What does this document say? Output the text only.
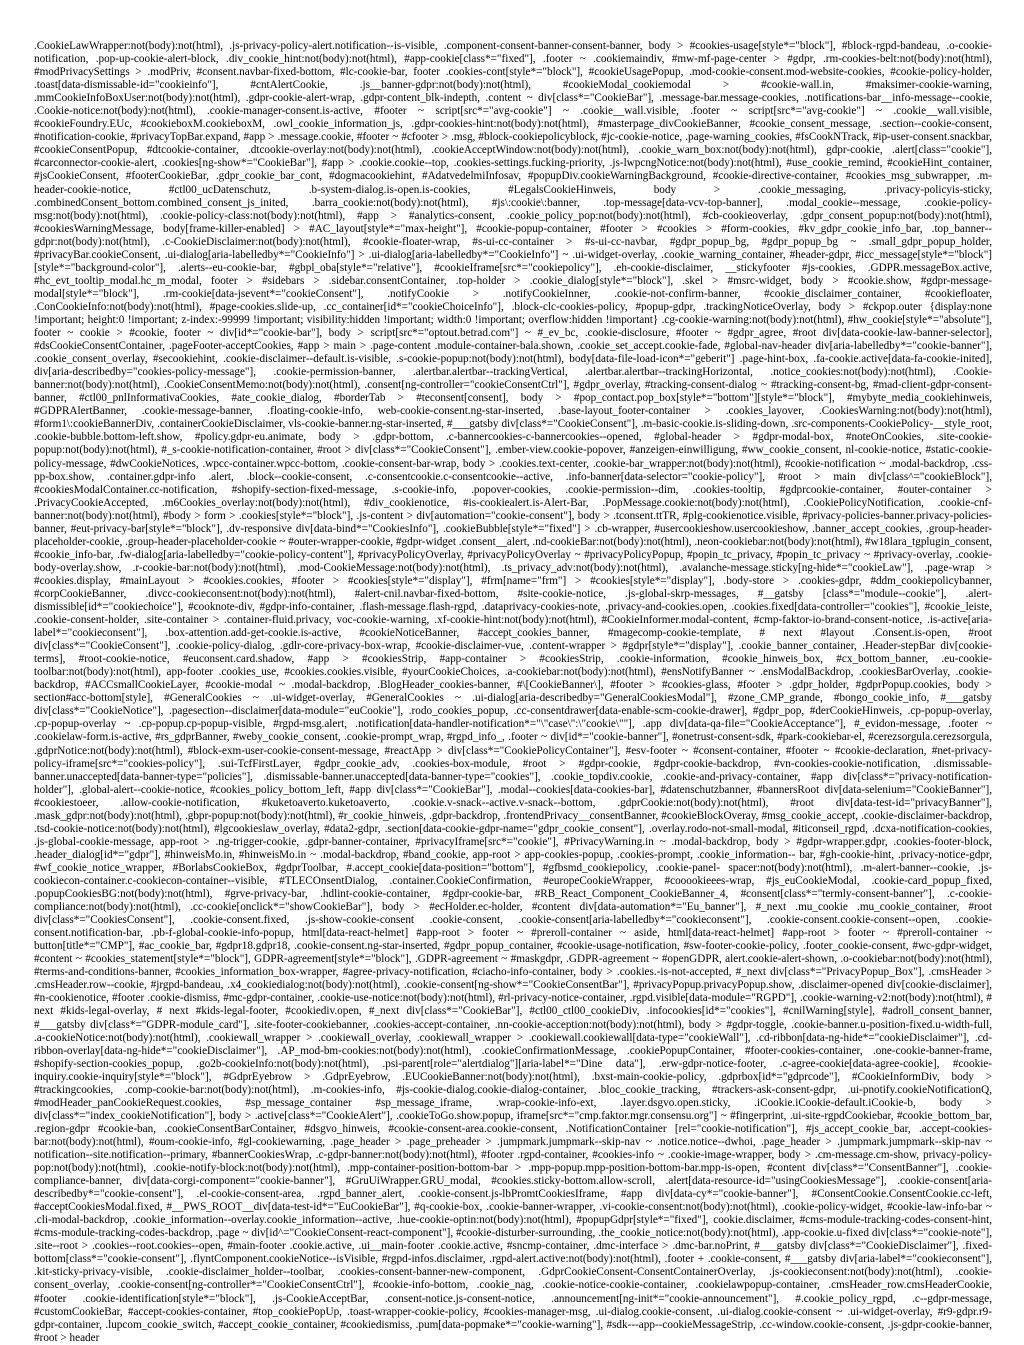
.CookieLawWrapper:not(body):not(html), .js-privacy-policy-alert.notification--is-visible, .component-consent-banner-consent-banner, body > #cookies-usage[style*="block"], #block-rgpd-bandeau, .o-cookie-notification, .pop-up-cookie-alert-block, .div_cookie_hint:not(body):not(html), #app-cookie[class*="fixed"], .footer ~ .cookiemaindiv, #mw-mf-page-center > #gdpr, .rm-cookies-belt:not(body):not(html), #modPrivacySettings > .modPriv, #consent.navbar-fixed-bottom, #lc-cookie-bar, footer .cookies-cont[style*="block"], #cookieUsagePopup, .mod-cookie-consent.mod-website-cookies, #cookie-policy-holder, .toast[data-dismissable-id="cookieinfo"], #cntAlertCookie, .js__banner-gdpr:not(body):not(html), #cookieModal_cookiemodal > #cookie-wall.in, #maksimer-cookie-warning, .mmCookieInfoBoxUser:not(body):not(html), .gdpr-cookie-alert-wrap, .gdpr-content_blk-indepth, .content ~ div[class*="CookieBar"], .message-bar.message-cookies, .notifications-bar__info-message--cookie, .Cookie-notice:not(body):not(html), .cookie-manager-consent.is-active, #footer ~ script[src*="avg-cookie"] ~ .cookie__wall.visible, .footer ~ script[src*="avg-cookie"] ~ .cookie__wall.visible, #cookieFoundry.EUc, #cookieboxM.cookieboxM, .owl_cookie_information_js, .gdpr-cookies-hint:not(body):not(html), #masterpage_divCookieBanner, #cookie_consent_message, .section--cookie-consent, #notification-cookie, #privacyTopBar.expand, #app > .message.cookie, #footer ~ #cfooter > .msg, #block-cookiepolicyblock, #jc-cookie-notice, .page-warning_cookies, #fsCookNTrack, #ip-user-consent.snackbar, #cookieConsentPopup, #dtcookie-container, .dtcookie-overlay:not(body):not(html), .cookieAcceptWindow:not(body):not(html), .cookie_warn_box:not(body):not(html), gdpr-cookie, .alert[class="cookie"], #carconnector-cookie-alert, .cookies[ng-show*="CookieBar"], #app > .cookie.cookie--top, .cookies-settings.fucking-priority, .js-lwpcngNotice:not(body):not(html), #use_cookie_remind, #cookieHint_container, #jsCookieConsent, #footerCookieBar, .gdpr_cookie_bar_cont, #dogmacookiehint, #AdatvedelmiInfosav, #popupDiv.cookieWarningBackground, #cookie-directive-container, #cookies_msg_subwrapper, .m- header-cookie-notice, #ctl00_ucDatenschutz, .b-system-dialog.is-open.is-cookies, #LegalsCookieHinweis, body > .cookie_messaging, .privacy-policyis-sticky, .combinedConsent_bottom.combined_consent_js_inited, .barra_cookie:not(body):not(html), #js\:cookie\:banner, .top-message[data-vcv-top-banner], .modal_cookie--message, .cookie-policy-msg:not(body):not(html), .cookie-policy-class:not(body):not(html), #app > #analytics-consent, .cookie_policy_pop:not(body):not(html), #cb-cookieoverlay, .gdpr_consent_popup:not(body):not(html), #cookiesWarningMessage, body[frame-killer-enabled] > #AC_layout[style*="max-height"], #cookie-popup-container, #footer > #cookies > #form-cookies, #kv_gdpr_cookie_info_bar, .top_banner--gdpr:not(body):not(html), .c-CookieDisclaimer:not(body):not(html), #cookie-floater-wrap, #s-ui-cc-container > #s-ui-cc-navbar, #gdpr_popup_bg, #gdpr_popup_bg ~ .small_gdpr_popup_holder, #privacyBar.cookieConsent, .ui-dialog[aria-labelledby*="CookieInfo"] > .ui-dialog[aria-labelledby*="CookieInfo"] ~ .ui-widget-overlay, .cookie_warning_container, #header-gdpr, #icc_message[style*="block"][style*="background-color"], .alerts--eu-cookie-bar, #gbpl_oba[style*="relative"], #cookieIframe[src*="cookiepolicy"], .eh-cookie-disclaimer, __stickyfooter #js-cookies, .GDPR.messageBox.active, #hc_evt_tooltip_modal.hc_m_modal, footer > #sidebars > .sidebar.consentContainer, .top-holder > .cookie_dialog[style*="block"], .skel > #msrc-widget, body > #cookie.show, #gdpr-message-modal[style*="block"], .rm-cookie[data-jsevent*="cookieConsent"], .notifyCookie > .notifyCookieInner, .cookie-not-confirm-banner, #cookie_disclaimer_container, #cookiefloater, .ConCookieInfo:not(body):not(html), #page-cookies.slide-up, .cc_container[id*="cookieChoiceInfo"], .block-clc-cookies-policy, #popup-gdpr, .trackingNoticeOverlay, body > #ckpop.outer {display:none !important; height:0 !important; z-index:-99999 !important; visibility:hidden !important; width:0 !important; overflow:hidden !important} .cg-cookie-warning:not(body):not(html), #hw_cookie[style*="absolute"], footer ~ cookie > #cookie, footer ~ div[id*="cookie-bar"], body > script[src*="optout.betrad.com"] ~ #_ev_bc, .cookie-disclosure, #footer ~ #gdpr_agree, #root div[data-cookie-law-banner-selector], #dsCookieConsentContainer, .pageFooter-acceptCookies, #app > main > .page-content .module-container-bala.shown, .cookie_set_accept.cookie-fade, #global-nav-header div[aria-labelledby*="cookie-banner"], .cookie_consent_overlay, #secookiehint, .cookie-disclaimer--default.is-visible, .s-cookie-popup:not(body):not(html), body[data-file-load-icon*="geberit"] .page-hint-box, .fa-cookie.active[data-fa-cookie-inited], div[aria-describedby="cookies-policy-message"], .cookie-permission-banner, .alertbar.alertbar--trackingVertical, .alertbar.alertbar--trackingHorizontal, .notice_cookies:not(body):not(html), .Cookie-banner:not(body):not(html), .CookieConsentMemo:not(body):not(html), .consent[ng-controller="cookieConsentCtrl"], #gdpr_overlay, #tracking-consent-dialog ~ #tracking-consent-bg, #mad-client-gdpr-consent-banner, #ctl00_pnlInformativaCookies, #ate_cookie_dialog, #borderTab > #teconsent[consent], body > #pop_contact.pop_box[style*="bottom"][style*="block"], #mybyte_media_cookiehinweis, #GDPRAlertBanner, .cookie-message-banner, .floating-cookie-info, web-cookie-consent.ng-star-inserted, .base-layout_footer-container > .cookies_layover, .CookiesWarning:not(body):not(html), #form1\:cookieBannerDiv, .containerCookieDisclaimer, vls-cookie-banner.ng-star-inserted, #___gatsby div[class*="CookieConsent"], .m-basic-cookie.is-sliding-down, .src-components-CookiePolicy-__style_root, .cookie-bubble.bottom-left.show, #policy.gdpr-eu.animate, body > .gdpr-bottom, .c-bannercookies-c-bannercookies--opened, #global-header > #gdpr-modal-box, #noteOnCookies, .site-cookie-popup:not(body):not(html), #_s-cookie-notification-container, #root > div[class*="CookieConsent"], .ember-view.cookie-popover, #anzeigen-einwilligung, #ww_cookie_consent, nl-cookie-notice, #static-cookie-policy-message, #dwCookieNotices, .wpcc-container.wpcc-bottom, .cookie-consent-bar-wrap, body > .cookies.text-center, .cookie-bar_wrapper:not(body):not(html), #cookie-notification ~ .modal-backdrop, .css- pp-box.show, .container.gdpr-info .alert, .block--cookie-consent, .c-consentcookie.c-consentcookie--active, .info-banner[data-selector="cookie-policy"], #root > main div[class^="cookieBlock"], #cookiesModalContainer.cc-notification, #shopify-section-fixed-message, .s-cookie-info, .popover-cookies, .cookie-permission--dim, .cookies-tooltip, #gdprcookie-container, #outer-container > .PrivacyCookieAccepted, .m6Cookies_overlay:not(body):not(html), #div_cookienotice, #is-cookiealert.is-Alert-Bar, .PopMessage.cookie:not(body):not(html), .CookiePolicyNotification, .cookie-cnf-banner:not(body):not(html), #body > form > .cookies[style*="block"], .js-content > div[automation="cookie-consent"], body > .tconsent.ttTR, #plg-cookienotice.visible, #privacy-policies-banner.privacy-policies-banner, #eut-privacy-bar[style*="block"], .dv-responsive div[data-bind*="CookiesInfo"], .cookieBubble[style*="fixed"] > .cb-wrapper, #usercookieshow.usercookieshow, .banner_accept_cookies, .group-header-placeholder-cookie, .group-header-placeholder-cookie ~ #outer-wrapper-cookie, #gdpr-widget .consent__alert, .nd-cookieBar:not(body):not(html), .neon-cookiebar:not(body):not(html), #w18lara_tgplugin_consent, #cookie_info-bar, .fw-dialog[aria-labelledby="cookie-policy-content"], #privacyPolicyOverlay, #privacyPolicyOverlay ~ #privacyPolicyPopup, #popin_tc_privacy, #popin_tc_privacy ~ #privacy-overlay, .cookie-body-overlay.show, .r-cookie-bar:not(body):not(html), .mod-CookieMessage:not(body):not(html), .ts_privacy_adv:not(body):not(html), .avalanche-message.sticky[ng-hide*="cookieLaw"], .page-wrap > #cookies.display, #mainLayout > #cookies.cookies, #footer > #cookies[style*="display"], #frm[name="frm"] > #cookies[style*="display"], .body-store > .cookies-gdpr, #ddm_cookiepolicybanner, #corpCookieBanner, .divcc-cookieconsent:not(body):not(html), #alert-cnil.navbar-fixed-bottom, #site-cookie-notice, .js-global-skrp-messages, #__gatsby [class*="module--cookie"], .alert-dismissible[id*="cookiechoice"], #cooknote-div, #gdpr-info-container, .flash-message.flash-rgpd, .dataprivacy-cookies-note, .privacy-and-cookies.open, .cookies.fixed[data-controller="cookies"], #cookie_leiste, .cookie-consent-holder, .site-container > .container-fluid.privacy, voc-cookie-warning, .xf-cookie-hint:not(body):not(html), #CookieInformer.modal-content, #cmp-faktor-io-brand-consent-notice, .is-active[aria-label*="cookieconsent"], .box-attention.add-get-cookie.is-active, #cookieNoticeBanner, #accept_cookies_banner, #magecomp-cookie-template, # next #layout .Consent.is-open, #root div[class*="CookieConsent"], .cookie-policy-dialog, .gdlr-core-privacy-box-wrap, #cookie-disclaimer-vue, .content-wrapper > #gdpr[style*="display"], .cookie_banner_container, .Header-stepBar div[cookie-terms], #root-cookie-notice, #euconsent.card.shadow, #app > #cookiesStrip, #app-container > #cookiesStrip, .cookie-information, #cookie_hinweis_box, #cx_bottom_banner, .eu-cookie-toolbar:not(body):not(html), app-footer .cookies_use, #cookies.cookies.visible, #yourCookieChoices, .a-cookiebar:not(body):not(html), #ensNotifyBanner ~ .ensModalBackdrop, .cookiesBarOverlay, .cookie-backdrop, #ACCsmallCookieLayer, #cookie-modal ~ .modal-backdrop, .BlogHeader_cookies-banner, #\[CookieBanner\], #footer > #cookies-glass, #footer > .gdpr_holder, #gdprPopup.cookies, body > section#acc-bottom[style], #GeneralCookies ~ .ui-widget-overlay, #GeneralCookies ~ .ui-dialog[aria-describedby="GeneralCookiesModal"], #zone_CMP_grande, #bongo_cookie_info, #___gatsby div[class*="CookieNotice"], .pagesection--disclaimer[data-module="euCookie"], .rodo_cookies_popup, .cc-consentdrawer[data-enable-scm-cookie-drawer], #gdpr_pop, #derCookieHinweis, .cp-popup-overlay, .cp-popup-overlay ~ .cp-popup.cp-popup-visible, #rgpd-msg.alert, .notification[data-handler-notification*="\"case\":\"cookie\""], .app div[data-qa-file="CookieAcceptance"], #_evidon-message, .footer ~ .cookielaw-form.is-active, #rs_gdprBanner, #weby_cookie_consent, .cookie-prompt_wrap, #rgpd_info_, .footer ~ div[id*="cookie-banner"], #onetrust-consent-sdk, #park-cookiebar-el, #cerezsorgula.cerezsorgula, .gdprNotice:not(body):not(html), #block-exm-user-cookie-consent-message, #reactApp > div[class*="CookiePolicyContainer"], #esv-footer ~ #consent-container, #footer ~ #cookie-declaration, #net-privacy-policy-iframe[src*="cookies-policy"], .sui-TcfFirstLayer, #gdpr_cookie_adv, .cookies-box-module, #root > #gdpr-cookie, #gdpr-cookie-backdrop, #vn-cookies-cookie-notification, .dismissable-banner.unaccepted[data-banner-type="policies"], .dismissable-banner.unaccepted[data-banner-type="cookies"], .cookie_topdiv.cookie, .cookie-and-privacy-container, #app div[class*="privacy-notification-holder"], .global-alert--cookie-notice, #cookies_policy_bottom_left, #app div[class*="CookieBar"], .modal--cookies[data-cookies-bar], #datenschutzbanner, #bannersRoot div[data-selenium="CookieBanner"], #cookiestoeer, .allow-cookie-notification, #kuketoaverto.kuketoaverto, .cookie.v-snack--active.v-snack--bottom, .gdprCookie:not(body):not(html), #root div[data-test-id="privacyBanner"], .mask_gdpr:not(body):not(html), .gbpr-popup:not(body):not(html), #r_cookie_hinweis, .gdpr-backdrop, .frontendPrivacy__consentBanner, #cookieBlockOveray, #msg_cookie_accept, .cookie-disclaimer-backdrop, .tsd-cookie-notice:not(body):not(html), #lgcookieslaw_overlay, #data2-gdpr, .section[data-cookie-gdpr-name="gdpr_cookie_consent"], .overlay.rodo-not-small-modal, #iticonseil_rgpd, .dcxa-notification-cookies, .js-global-cookie-message, app-root > .ng-trigger-cookie, .gdpr-banner-container, #privacyIframe[src*="cookie"], #PrivacyWarning.in ~ .modal-backdrop, body > #gdpr-wrapper.gdpr, .cookies-footer-block, .header_dialog[id*="gdpr"], #hinweisMo.in, #hinweisMo.in ~ .modal-backdrop, #band_cookie, app-root > app-cookies-popup, .cookies-prompt, .cookie_information-- bar, #gh-cookie-hint, .privacy-notice-gdpr, #wf_cookie_notice_wrapper, #BorlabsCookieBox, #gdprToolbar, #.accept_cookie[data-position="bottom"], #gfbsmd_cookiepolicy, .cookie-panel- spacer:not(body):not(html), .m-alert-banner--cookie, .js-cookiecon-container.c-cookiecon-container--visible, #TLECOnsentDialog, .container.CookieConfirmation, #europeCookieWrapper, #cooookieees-wrap, #js_euCookieModal, .cookie-card_popup_fixed, .popupCookiesBG:not(body):not(html), #grve-privacy-bar, .hdlint-cookie-container, #gdpr-cookie-bar, #RB_React_Component_CookieBanner_4, #consent[class*="termly-consent-banner"], .c-cookie-compliance:not(body):not(html), .cc-cookie[onclick*="showCookieBar"], body > #ecHolder.ec-holder, #content div[data-automation*="Eu_banner"], #_next .mu_cookie .mu_cookie_container, #root div[class*="CookiesConsent"], .cookie-consent.fixed, .js-show-cookie-consent .cookie-consent, .cookie-consent[aria-labelledby*="cookieconsent"], .cookie-consent.cookie-consent--open, .cookie-consent.notification-bar, .pb-f-global-cookie-info-popup, html[data-react-helmet] #app-root > footer ~ #preroll-container ~ aside, html[data-react-helmet] #app-root > footer ~ #preroll-container ~ button[title*="CMP"], #ac_cookie_bar, #gdpr18.gdpr18, .cookie-consent.ng-star-inserted, #gdpr_popup_container, #cookie-usage-notification, #sw-footer-cookie-policy, .footer_cookie-consent, #wc-gdpr-widget, #content ~ #cookies_statement[style*="block"], GDPR-agreement[style*="block"], .GDPR-agreement ~ #maskgdpr, .GDPR-agreement ~ #openGDPR, alert.cookie-alert-shown, .o-cookiebar:not(body):not(html), #terms-and-conditions-banner, #cookies_information_box-wrapper, #agree-privacy-notification, #ciacho-info-container, body > .cookies.-is-not-accepted, #_next div[class*="PrivacyPopup_Box"], .cmsHeader > .cmsHeader.row--cookie, #jrgpd-bandeau, .x4_cookiedialog:not(body):not(html), .cookie-consent[ng-show*="CookieConsentBar"], #privacyPopup.privacyPopup.show, .disclaimer-opened div[cookie-disclaimer], #n-cookienotice, #footer .cookie-dismiss, #mc-gdpr-container, .cookie-use-notice:not(body):not(html), #rl-privacy-notice-container, .rgpd.visible[data-module="RGPD"], .cookie-warning-v2:not(body):not(html), # next #kids-legal-overlay, # next #kids-legal-footer, #cookiediv.open, #_next div[class*="CookieBar"], #ctl00_ctl00_cookieDiv, .infocookies[id*="cookies"], #cnilWarning[style], #adroll_consent_banner, #___gatsby div[class*="GDPR-module_card"], .site-footer-cookiebanner, .cookies-accept-container, .nn-cookie-acception:not(body):not(html), body > #gdpr-toggle, .cookie-banner.u-position-fixed.u-width-full, .a-cookieNotice:not(body):not(html), .cookiewall_wrapper > .cookiewall_overlay, .cookiewall_wrapper > .cookiewall.cookiewall[data-type="cookieWall"], .cd-ribbon[data-ng-hide*="cookieDisclaimer"], .cd-ribbon-overlay[data-ng-hide*="cookieDisclaimer"], .AP_mod-bm-cookies:not(body):not(html), .cookieConfirmationMessage, .cookiePopupContainer, #footer-cookies-container, .one-cookie-banner-frame, #shopify-section-cookies_popup, .go2b-cookieInfo:not(body):not(html), .psi-parent[role="alertdialog"][aria-label*="Dine data"], .erw-gdpr-notice-footer, .c-agree-cookie[data-agree-cookie], #cookie-inquiry.cookie-inquiry[style*="block"], #GdprEyebrow > .GdprEyebrow, .EUCookieBanner:not(body):not(html), .bxst-main-cookie-policy, .gdprbox[id*="gdprcode"], #CookieInformDiv, body > #trackingcookies, .comp-cookie-bar:not(body):not(html), .m-cookies-info, #js-cookie-dialog.cookie-dialog-container, .bloc_cookie_tracking, #trackers-ask-consent-gdpr, .ui-pnotify.cookieNotificationQ, #modHeader_panCookieRequest.cookies, #sp_message_container #sp_message_iframe, .wrap-cookie-info-ext, .layer.dsgvo.open.sticky, .iCookie.iCookie-default.iCookie-b, body > div[class*="index_cookieNotification"], body > .active[class*="CookieAlert"], .cookieToGo.show.popup, iframe[src*="cmp.faktor.mgr.consensu.org"] ~ #fingerprint, .ui-site-rgpdCookiebar, #cookie_bottom_bar, .region-gdpr #cookie-ban, .cookieConsentBarContainer, #dsgvo_hinweis, #cookie-consent-area.cookie-consent, .NotificationContainer [rel="cookie-notification"], #js_accept_cookie_bar, .accept-cookies-bar:not(body):not(html), #oum-cookie-info, #gl-cookiewarning, .page_header > .page_preheader > .jumpmark.jumpmark--skip-nav ~ .notice.notice--dwhoi, .page_header > .jumpmark.jumpmark--skip-nav ~ notification--site.notification--primary, #bannerCookiesWrap, .c-gdpr-banner:not(body):not(html), #footer .rgpd-container, #cookies-info ~ .cookie-image-wrapper, body > .cm-message.cm-show, privacy-policy-pop:not(body):not(html), .cookie-notify-block:not(body):not(html), .mpp-container-position-bottom-bar > .mpp-popup.mpp-position-bottom-bar.mpp-is-open, #content div[class*="ConsentBanner"], .cookie-compliance-banner, div[data-corgi-component="cookie-banner"], #GruUiWrapper.GRU_modal, #cookies.sticky-bottom.allow-scroll, .alert[data-resource-id="usingCookiesMessage"], .cookie-consent[aria-describedby*="cookie-consent"], .el-cookie-consent-area, .rgpd_banner_alert, .cookie-consent.js-lbPromtCookiesIframe, #app div[data-cy*="cookie-banner"], #ConsentCookie.ConsentCookie.cc-left, #acceptCookiesModal.fixed, #__PWS_ROOT__div[data-test-id*="EuCookieBar"], #q-cookie-box, .cookie-banner-wrapper, .vi-cookie-consent:not(body):not(html), .cookie-policy-widget, #cookie-law-info-bar ~ .cli-modal-backdrop, .cookie_information--overlay.cookie_information--active, .hue-cookie-optin:not(body):not(html), #popupGdpr[style*="fixed"], cookie.disclaimer, #cms-module-tracking-codes-consent-hint, #cms-module-tracking-codes-backdrop, .page ~ div[id^="CookieConsent-react-component"], #cookie-disturber-surrounding, .the_cookie_notice:not(body):not(html), .app-cookie.u-fixed div[class*="cookie-note"], .site--root > .cookies--root.cookies--open, #main-footer .cookie.active, .ui__main-footer .cookie.active, #sncmp-container, .dmc-interface > .dmc-bar.noPrint, #___gatsby div[class*="CookieDisclaimer"], .fixed-bottom[class*="cookie-consent"], .flyntComponent.cookieNotice--isVisible, #rgpd-infos.disclaimer, .rgpd-alert.active:not(body):not(html), .footer + .cookie-consent, #___gatsby div[aria-label*="cookieconsent"], .kit-sticky-privacy-visible, .cookie-disclaimer_holder--toolbar, .cookies-consent-banner-new-component, .GdprCookieConsent-ConsentContainerOverlay, .js-cookieconsent:not(body):not(html), .cookie-consent_overlay, .cookie-consent[ng-controller*="CookieConsentCtrl"], #cookie-info-bottom, .cookie_nag, .cookie-notice-cookie-container, .cookielawpopup-container, .cmsHeader_row.cmsHeaderCookie, #footer .cookie-identification[style*="block"], .js-CookieAcceptBar, .consent-notice.js-consent-notice, .announcement[ng-init*="cookie-announcement"], #.cookie_policy_rgpd, .c--gdpr-message, #customCookieBar, #accept-cookies-container, #top_cookiePopUp, .toast-wrapper-cookie-policy, #cookies-manager-msg, .ui-dialog.cookie-consent, .ui-dialog.cookie-consent ~ .ui-widget-overlay, #r9-gdpr.r9-gdpr-container, .lupcom_cookie_switch, #accept_cookie_container, #cookiedismiss, .pum[data-popmake*="cookie-warning"], #sdk---app--cookieMessageStrip, .cc-window.cookie-consent, .js-gdpr-cookie-banner, #root > header
